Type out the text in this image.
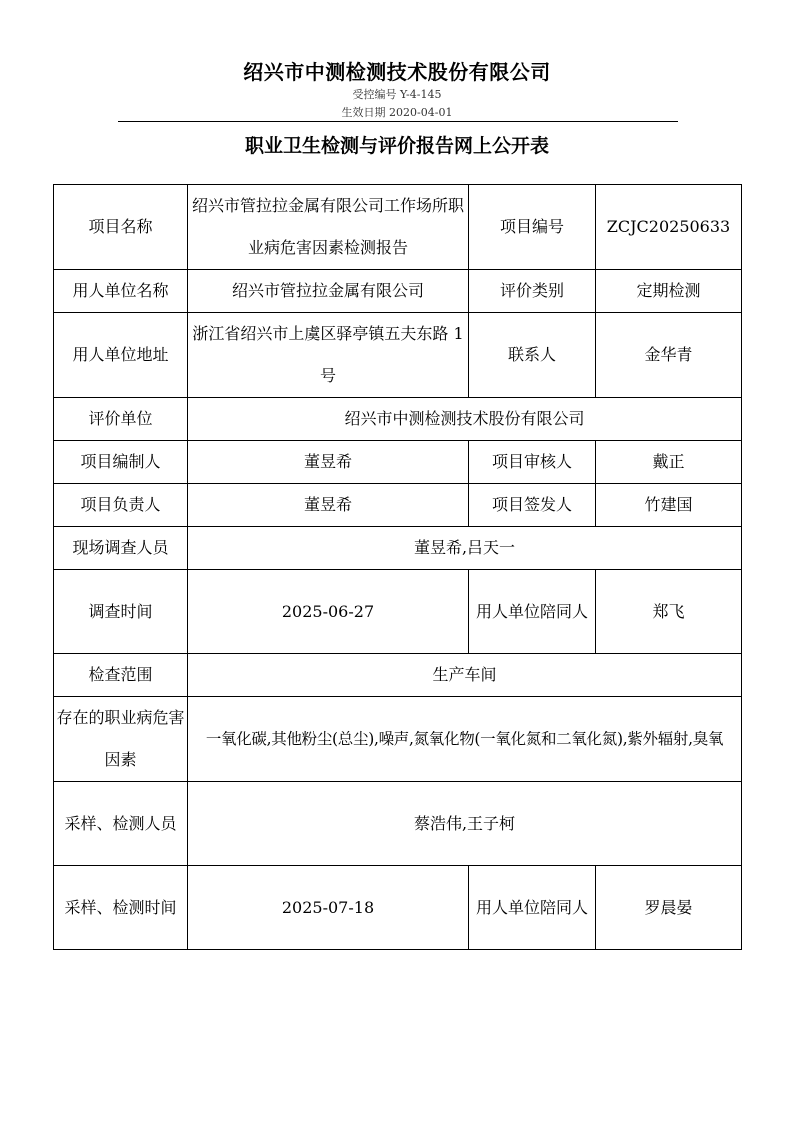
绍兴市中测检测技术股份有限公司
受控编号 Y-4-145
生效日期 2020-04-01
职业卫生检测与评价报告网上公开表
项目名称	绍兴市管拉拉金属有限公司工作场所职业病危害因素检测报告	项目编号	ZCJC20250633
用人单位名称	绍兴市管拉拉金属有限公司	评价类别	定期检测
用人单位地址	浙江省绍兴市上虞区驿亭镇五夫东路 1 号	联系人	金华青
评价单位	绍兴市中测检测技术股份有限公司		
项目编制人	董昱希	项目审核人	戴正
项目负责人	董昱希	项目签发人	竹建国
现场调查人员	董昱希,吕天一		
调查时间	2025-06-27	用人单位陪同人	郑飞
检查范围	生产车间		
存在的职业病危害因素	一氧化碳,其他粉尘(总尘),噪声,氮氧化物(一氧化氮和二氧化氮),紫外辐射,臭氧		
采样、检测人员	蔡浩伟,王子柯		
采样、检测时间	2025-07-18	用人单位陪同人	罗晨晏
